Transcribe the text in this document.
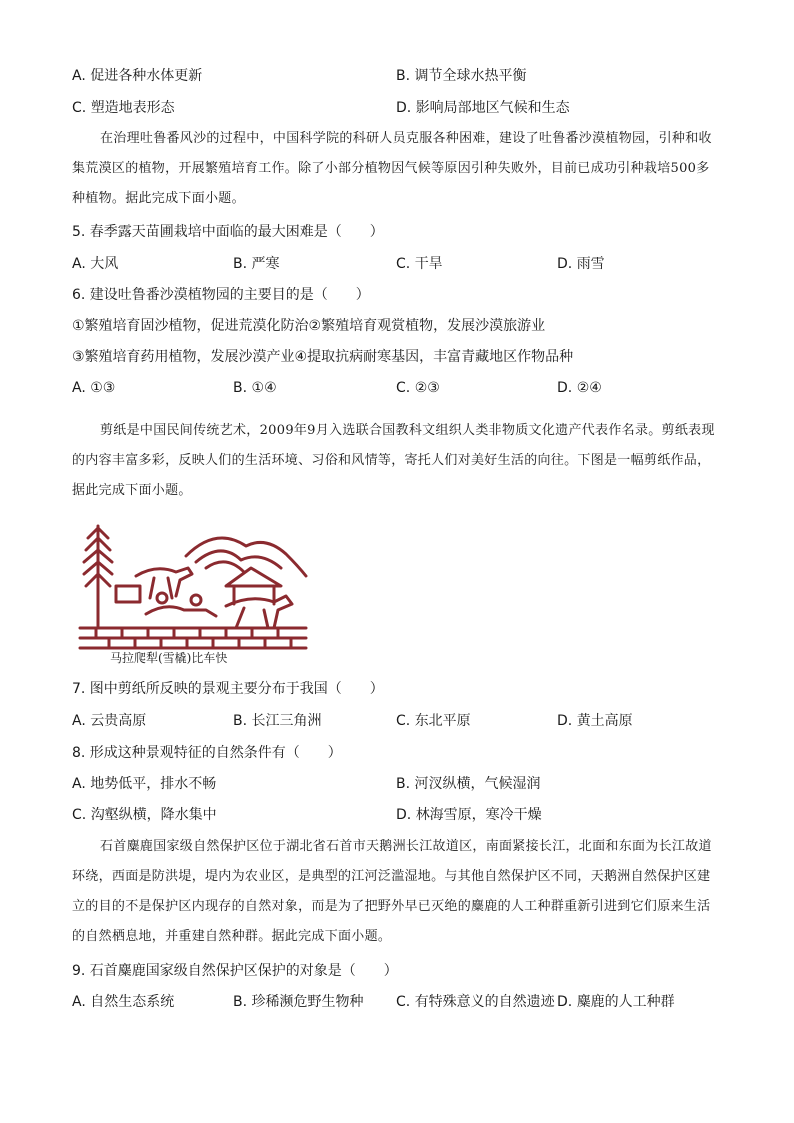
A. 促进各种水体更新	B. 调节全球水热平衡
C. 塑造地表形态	D. 影响局部地区气候和生态
在治理吐鲁番风沙的过程中，中国科学院的科研人员克服各种困难，建设了吐鲁番沙漠植物园，引种和收集荒漠区的植物，开展繁殖培育工作。除了小部分植物因气候等原因引种失败外，目前已成功引种栽培500多种植物。据此完成下面小题。
5. 春季露天苗圃栽培中面临的最大困难是（　　）
A. 大风	B. 严寒	C. 干旱	D. 雨雪
6. 建设吐鲁番沙漠植物园的主要目的是（　　）
①繁殖培育固沙植物，促进荒漠化防治②繁殖培育观赏植物，发展沙漠旅游业
③繁殖培育药用植物，发展沙漠产业④提取抗病耐寒基因，丰富青藏地区作物品种
A. ①③	B. ①④	C. ②③	D. ②④
剪纸是中国民间传统艺术，2009年9月入选联合国教科文组织人类非物质文化遗产代表作名录。剪纸表现的内容丰富多彩，反映人们的生活环境、习俗和风情等，寄托人们对美好生活的向往。下图是一幅剪纸作品，据此完成下面小题。
马拉爬犁(雪橇)比车快
7. 图中剪纸所反映的景观主要分布于我国（　　）
A. 云贵高原	B. 长江三角洲	C. 东北平原	D. 黄土高原
8. 形成这种景观特征的自然条件有（　　）
A. 地势低平，排水不畅	B. 河汊纵横，气候湿润
C. 沟壑纵横，降水集中	D. 林海雪原，寒冷干燥
石首麋鹿国家级自然保护区位于湖北省石首市天鹅洲长江故道区，南面紧接长江，北面和东面为长江故道环绕，西面是防洪堤，堤内为农业区，是典型的江河泛滥湿地。与其他自然保护区不同，天鹅洲自然保护区建立的目的不是保护区内现存的自然对象，而是为了把野外早已灭绝的麋鹿的人工种群重新引进到它们原来生活的自然栖息地，并重建自然种群。据此完成下面小题。
9. 石首麋鹿国家级自然保护区保护的对象是（　　）
A. 自然生态系统	B. 珍稀濒危野生物种 C. 有特殊意义的自然遗迹 D. 麋鹿的人工种群
